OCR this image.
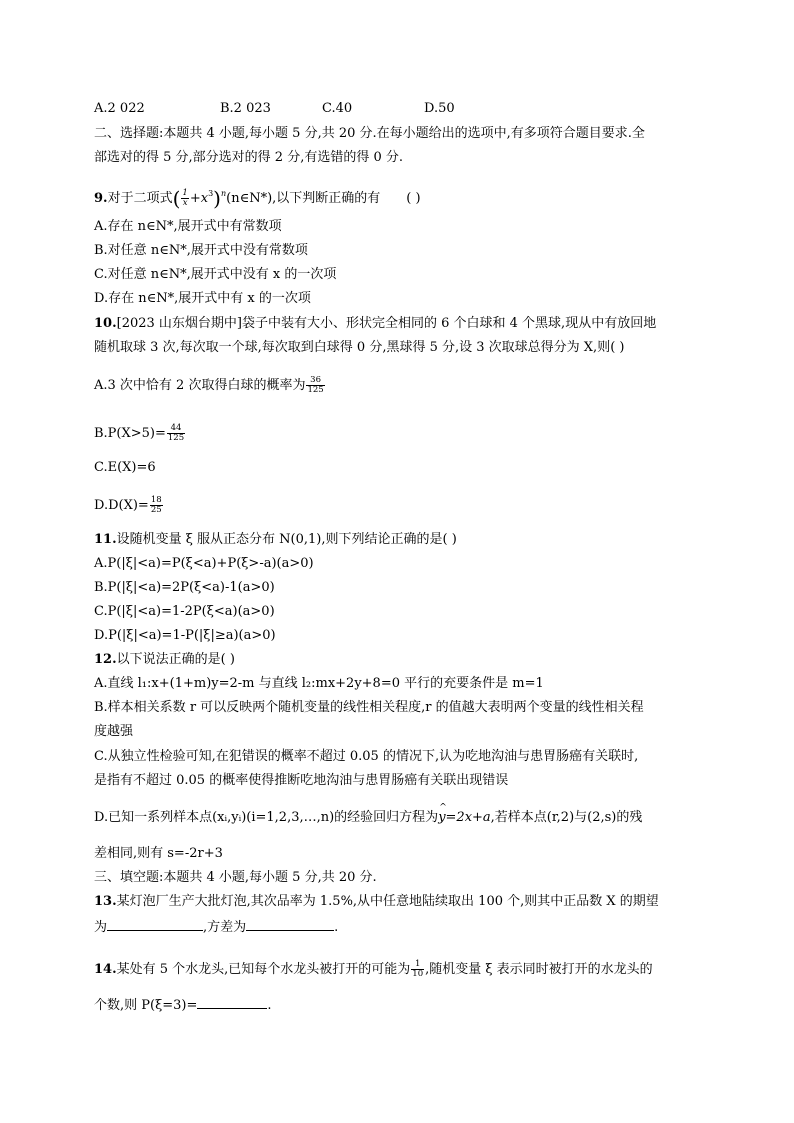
A.2 022	B.2 023	C.40	D.50
二、选择题:本题共 4 小题,每小题 5 分,共 20 分.在每小题给出的选项中,有多项符合题目要求.全
部选对的得 5 分,部分选对的得 2 分,有选错的得 0 分.
9.对于二项式( $\frac{1}{x}$ $+x^3)^n(n\in N*)$,以下判断正确的有 ( )
A.存在 n∈N*,展开式中有常数项
B.对任意 n∈N*,展开式中没有常数项
C.对任意 n∈N*,展开式中没有 x 的一次项
D.存在 n∈N*,展开式中有 x 的一次项
10.[2023 山东烟台期中]袋子中装有大小、形状完全相同的 6 个白球和 4 个黑球,现从中有放回地
随机取球 3 次,每次取一个球,每次取到白球得 0 分,黑球得 5 分,设 3 次取球总得分为 X,则( )
A.3 次中恰有 2 次取得白球的概率为 $\frac{36}{125}$
$B.P(X>5)= \frac{44}{125}$
C.E(X)=6
$D.D(X)= \frac{18}{25}$
11.设随机变量 ξ 服从正态分布 N(0,1),则下列结论正确的是( )
A.P(|ξ|<a)=P(ξ<a)+P(ξ>-a)(a>0)
B.P(|ξ|<a)=2P(ξ<a)-1(a>0)
C.P(|ξ|<a)=1-2P(ξ<a)(a>0)
D.P(|ξ|<a)=1-P(|ξ|≥a)(a>0)
12.以下说法正确的是( )
A.直线 l₁:x+(1+m)y=2-m 与直线 l₂:mx+2y+8=0 平行的充要条件是 m=1
B.样本相关系数 r 可以反映两个随机变量的线性相关程度,r 的值越大表明两个变量的线性相关程
度越强
C.从独立性检验可知,在犯错误的概率不超过 0.05 的情况下,认为吃地沟油与患胃肠癌有关联时,
是指有不超过 0.05 的概率使得推断吃地沟油与患胃肠癌有关联出现错误
D.已知一系列样本点(xᵢ,yᵢ)(i=1,2,3,…,n)的经验回归方程为^ y=2x+a,若样本点(r,2)与(2,s)的残
差相同,则有 s=-2r+3
三、填空题:本题共 4 小题,每小题 5 分,共 20 分.
13.某灯泡厂生产大批灯泡,其次品率为 1.5%,从中任意地陆续取出 100 个,则其中正品数 X 的期望
为	,方差为	.
14.某处有 5 个水龙头,已知每个水龙头被打开的可能为 $\frac{1}{10}$ ,随机变量 ξ 表示同时被打开的水龙头的
个数,则 P(ξ=3)=	.
